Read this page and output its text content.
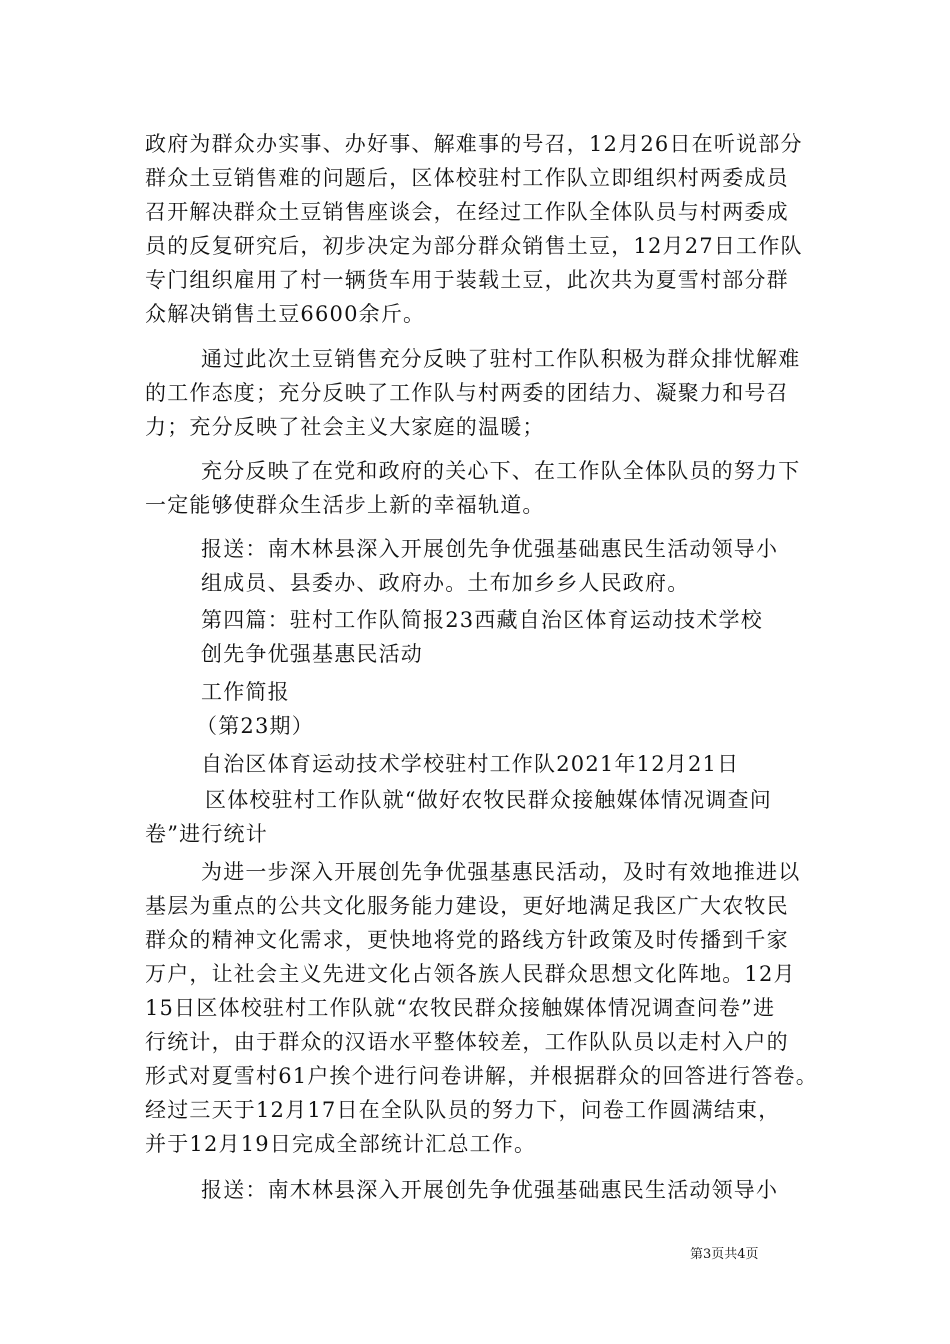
政府为群众办实事、办好事、解难事的号召，12月26日在听说部分
群众土豆销售难的问题后，区体校驻村工作队立即组织村两委成员
召开解决群众土豆销售座谈会，在经过工作队全体队员与村两委成
员的反复研究后，初步决定为部分群众销售土豆，12月27日工作队
专门组织雇用了村一辆货车用于装载土豆，此次共为夏雪村部分群
众解决销售土豆6600余斤。
通过此次土豆销售充分反映了驻村工作队积极为群众排忧解难
的工作态度；充分反映了工作队与村两委的团结力、凝聚力和号召
力；充分反映了社会主义大家庭的温暖；
充分反映了在党和政府的关心下、在工作队全体队员的努力下
一定能够使群众生活步上新的幸福轨道。
报送：南木林县深入开展创先争优强基础惠民生活动领导小
组成员、县委办、政府办。土布加乡乡人民政府。
第四篇：驻村工作队简报23西藏自治区体育运动技术学校
创先争优强基惠民活动
工作简报
（第23期）
自治区体育运动技术学校驻村工作队2021年12月21日
区体校驻村工作队就“做好农牧民群众接触媒体情况调查问
卷”进行统计
为进一步深入开展创先争优强基惠民活动，及时有效地推进以
基层为重点的公共文化服务能力建设，更好地满足我区广大农牧民
群众的精神文化需求，更快地将党的路线方针政策及时传播到千家
万户，让社会主义先进文化占领各族人民群众思想文化阵地。12月
15日区体校驻村工作队就“农牧民群众接触媒体情况调查问卷”进
行统计，由于群众的汉语水平整体较差，工作队队员以走村入户的
形式对夏雪村61户挨个进行问卷讲解，并根据群众的回答进行答卷。
经过三天于12月17日在全队队员的努力下，问卷工作圆满结束，
并于12月19日完成全部统计汇总工作。
报送：南木林县深入开展创先争优强基础惠民生活动领导小
第3页共4页
